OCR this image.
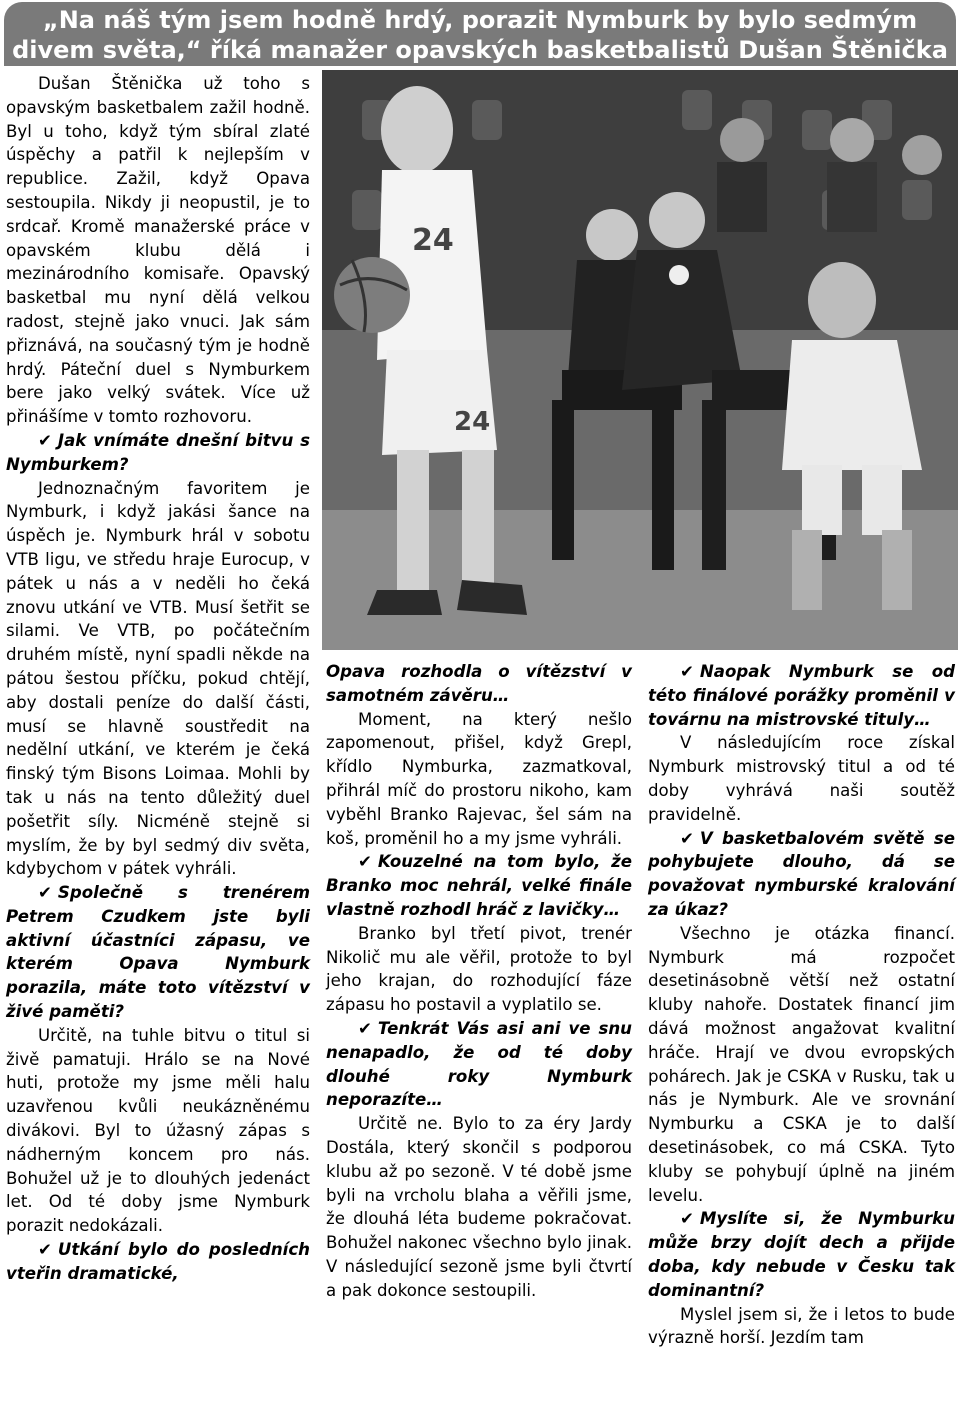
„Na náš tým jsem hodně hrdý, porazit Nymburk by bylo sedmým
divem světa,“ říká manažer opavských basketbalistů Dušan Štěnička
24
24

Dušan Štěnička už toho s opavským basketbalem zažil hodně. Byl u toho, když tým sbíral zlaté úspěchy a patřil k nejlepším v republice. Zažil, když Opava sestoupila. Nikdy ji neopustil, je to srdcař. Kromě manažerské práce v opavském klubu dělá i mezinárodního komisaře. Opavský basketbal mu nyní dělá velkou radost, stejně jako vnuci. Jak sám přiznává, na současný tým je hodně hrdý. Páteční duel s Nymburkem bere jako velký svátek. Více už přinášíme v tomto rozhovoru.

✔ Jak vnímáte dnešní bitvu s Nymburkem?

Jednoznačným favoritem je Nymburk, i když jakási šance na úspěch je. Nymburk hrál v sobotu VTB ligu, ve středu hraje Eurocup, v pátek u nás a v neděli ho čeká znovu utkání ve VTB. Musí šetřit se silami. Ve VTB, po počátečním druhém místě, nyní spadli někde na pátou šestou příčku, pokud chtějí, aby dostali peníze do další části, musí se hlavně soustředit na nedělní utkání, ve kterém je čeká finský tým Bisons Loimaa. Mohli by tak u nás na tento důležitý duel pošetřit síly. Nicméně stejně si myslím, že by byl sedmý div světa, kdybychom v pátek vyhráli.

✔ Společně s trenérem Petrem Czudkem jste byli aktivní účastníci zápasu, ve kterém Opava Nymburk porazila, máte toto vítězství v živé paměti?

Určitě, na tuhle bitvu o titul si živě pamatuji. Hrálo se na Nové huti, protože my jsme měli halu uzavřenou kvůli neukázněnému divákovi. Byl to úžasný zápas s nádherným koncem pro nás. Bohužel už je to dlouhých jedenáct let. Od té doby jsme Nymburk porazit nedokázali.

✔ Utkání bylo do posledních vteřin dramatické,

Opava rozhodla o vítězství v samotném závěru…

Moment, na který nešlo zapomenout, přišel, když Grepl, křídlo Nymburka, zazmatkoval, přihrál míč do prostoru nikoho, kam vyběhl Branko Rajevac, šel sám na koš, proměnil ho a my jsme vyhráli.

✔ Kouzelné na tom bylo, že Branko moc nehrál, velké finále vlastně rozhodl hráč z lavičky…

Branko byl třetí pivot, trenér Nikolič mu ale věřil, protože to byl jeho krajan, do rozhodující fáze zápasu ho postavil a vyplatilo se.

✔ Tenkrát Vás asi ani ve snu nenapadlo, že od té doby dlouhé roky Nymburk neporazíte…

Určitě ne. Bylo to za éry Jardy Dostála, který skončil s podporou klubu až po sezoně. V té době jsme byli na vrcholu blaha a věřili jsme, že dlouhá léta budeme pokračovat. Bohužel nakonec všechno bylo jinak. V následující sezoně jsme byli čtvrtí a pak dokonce sestoupili.

✔ Naopak Nymburk se od této finálové porážky proměnil v továrnu na mistrovské tituly…

V následujícím roce získal Nymburk mistrovský titul a od té doby vyhrává naši soutěž pravidelně.

✔ V basketbalovém světě se pohybujete dlouho, dá se považovat nymburské kralování za úkaz?

Všechno je otázka financí. Nymburk má rozpočet desetinásobně větší než ostatní kluby nahoře. Dostatek financí jim dává možnost angažovat kvalitní hráče. Hrají ve dvou evropských pohárech. Jak je CSKA v Rusku, tak u nás je Nymburk. Ale ve srovnání Nymburku a CSKA je to další desetinásobek, co má CSKA. Tyto kluby se pohybují úplně na jiném levelu.

✔ Myslíte si, že Nymburku může brzy dojít dech a přijde doba, kdy nebude v Česku tak dominantní?

Myslel jsem si, že i letos to bude výrazně horší. Jezdím tam
